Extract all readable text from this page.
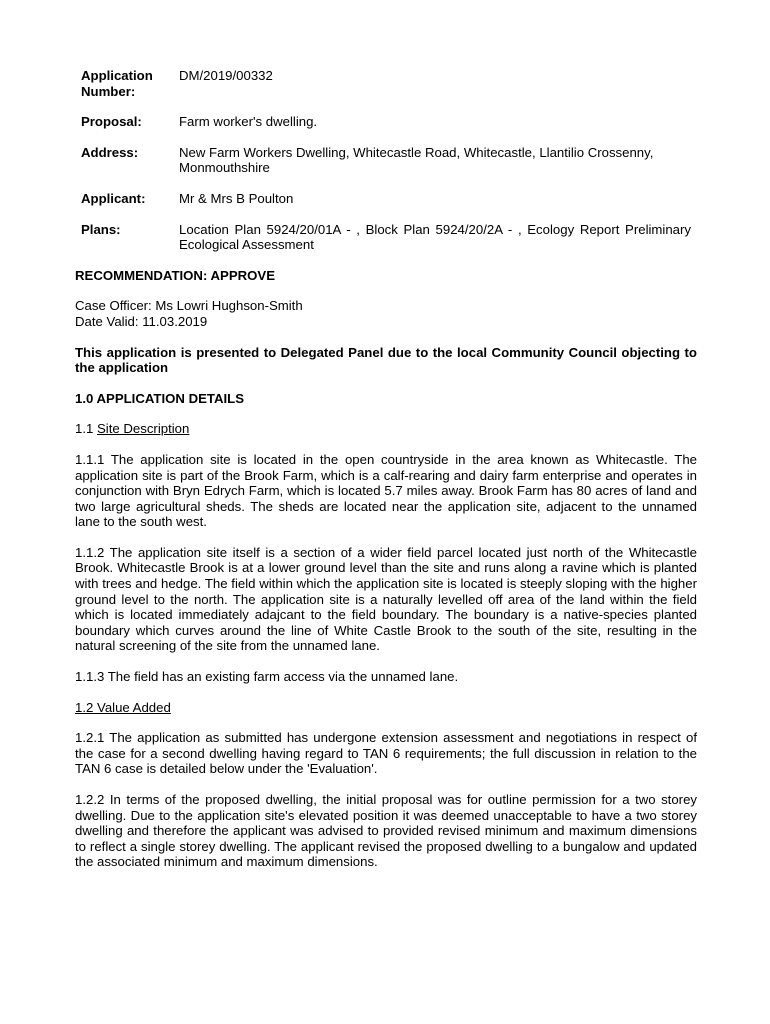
Application Number:	DM/2019/00332
Proposal:	Farm worker's dwelling.
Address:	New Farm Workers Dwelling, Whitecastle Road, Whitecastle, Llantilio Crossenny, Monmouthshire
Applicant:	Mr & Mrs B Poulton
Plans:	Location Plan 5924/20/01A - , Block Plan 5924/20/2A - , Ecology Report Preliminary Ecological Assessment

RECOMMENDATION: APPROVE

Case Officer: Ms Lowri Hughson-Smith
Date Valid: 11.03.2019

This application is presented to Delegated Panel due to the local Community Council objecting to the application

1.0 APPLICATION DETAILS

1.1 Site Description

1.1.1 The application site is located in the open countryside in the area known as Whitecastle. The application site is part of the Brook Farm, which is a calf-rearing and dairy farm enterprise and operates in conjunction with Bryn Edrych Farm, which is located 5.7 miles away. Brook Farm has 80 acres of land and two large agricultural sheds. The sheds are located near the application site, adjacent to the unnamed lane to the south west.

1.1.2 The application site itself is a section of a wider field parcel located just north of the Whitecastle Brook. Whitecastle Brook is at a lower ground level than the site and runs along a ravine which is planted with trees and hedge. The field within which the application site is located is steeply sloping with the higher ground level to the north. The application site is a naturally levelled off area of the land within the field which is located immediately adajcant to the field boundary. The boundary is a native-species planted boundary which curves around the line of White Castle Brook to the south of the site, resulting in the natural screening of the site from the unnamed lane.

1.1.3 The field has an existing farm access via the unnamed lane.

1.2 Value Added

1.2.1 The application as submitted has undergone extension assessment and negotiations in respect of the case for a second dwelling having regard to TAN 6 requirements; the full discussion in relation to the TAN 6 case is detailed below under the 'Evaluation'.

1.2.2 In terms of the proposed dwelling, the initial proposal was for outline permission for a two storey dwelling. Due to the application site's elevated position it was deemed unacceptable to have a two storey dwelling and therefore the applicant was advised to provided revised minimum and maximum dimensions to reflect a single storey dwelling. The applicant revised the proposed dwelling to a bungalow and updated the associated minimum and maximum dimensions.
